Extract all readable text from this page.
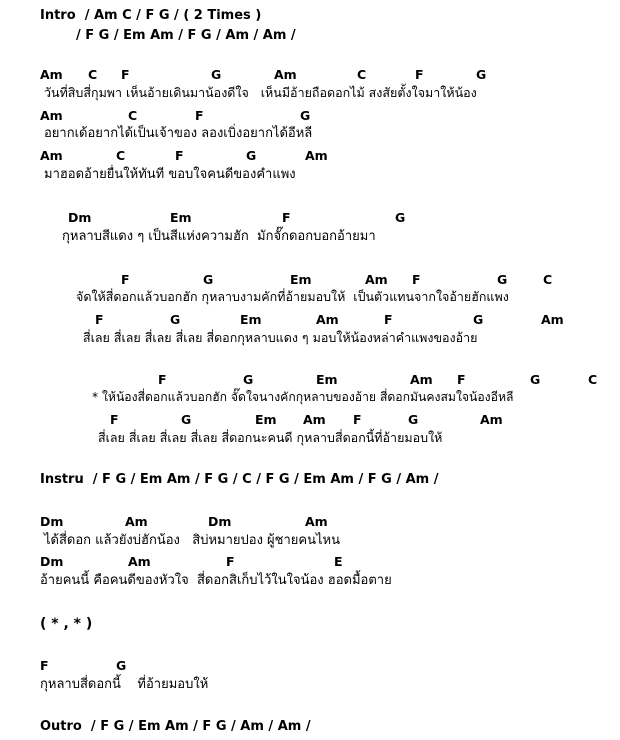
Intro  / Am C / F G / ( 2 Times )
/ F G / Em Am / F G / Am / Am /
Am C F	G	Am	C	F	G
วันที่สิบสี่กุมพา เห็นอ้ายเดินมาน้องดีใจ   เห็นมีอ้ายถือดอกไม้ สงสัยตั้งใจมาให้น้อง
Am	C	F	G
อยากเด้อยากได้เป็นเจ้าของ ลองเบิ่งอยากได้อีหลี
Am	C	F	G	Am
มาฮอดอ้ายยื่นให้ทันที ขอบใจคนดีของคำแพง
Dm	Em	F	G
กุหลาบสีแดง ๆ เป็นสีแห่งความฮัก  มักจั๊กดอกบอกอ้ายมา
F	G	Em	Am F	G	C
จัดให้สี่ดอกแล้วบอกฮัก กุหลาบงามคักที่อ้ายมอบให้  เป็นตัวแทนจากใจอ้ายฮักแพง
F	G	Em	Am	F	G	Am
สี่เลย สี่เลย สี่เลย สี่เลย สี่ดอกกุหลาบแดง ๆ มอบให้น้องหล่าคำแพงของอ้าย
F	G	Em	Am F	G	C
* ให้น้องสี่ดอกแล้วบอกฮัก จั๊ดใจนางคักกุหลาบของอ้าย สี่ดอกมันคงสมใจน้องอีหลี
F	G	Em Am F	G	Am
สี่เลย สี่เลย สี่เลย สี่เลย สี่ดอกนะคนดี กุหลาบสี่ดอกนี้ที่อ้ายมอบให้
Instru  / F G / Em Am / F G / C / F G / Em Am / F G / Am /
Dm	Am	Dm	Am
ได้สี่ดอก แล้วยังบ่ฮักน้อง   สิบ่หมายปอง ผู้ชายคนไหน
Dm	Am	F	E
อ้ายคนนี้ คือคนดีของหัวใจ  สี่ดอกสิเก็บไว้ในใจน้อง ฮอดมื้อตาย
( * , * )
F	G
กุหลาบสี่ดอกนี้    ที่อ้ายมอบให้
Outro  / F G / Em Am / F G / Am / Am /
